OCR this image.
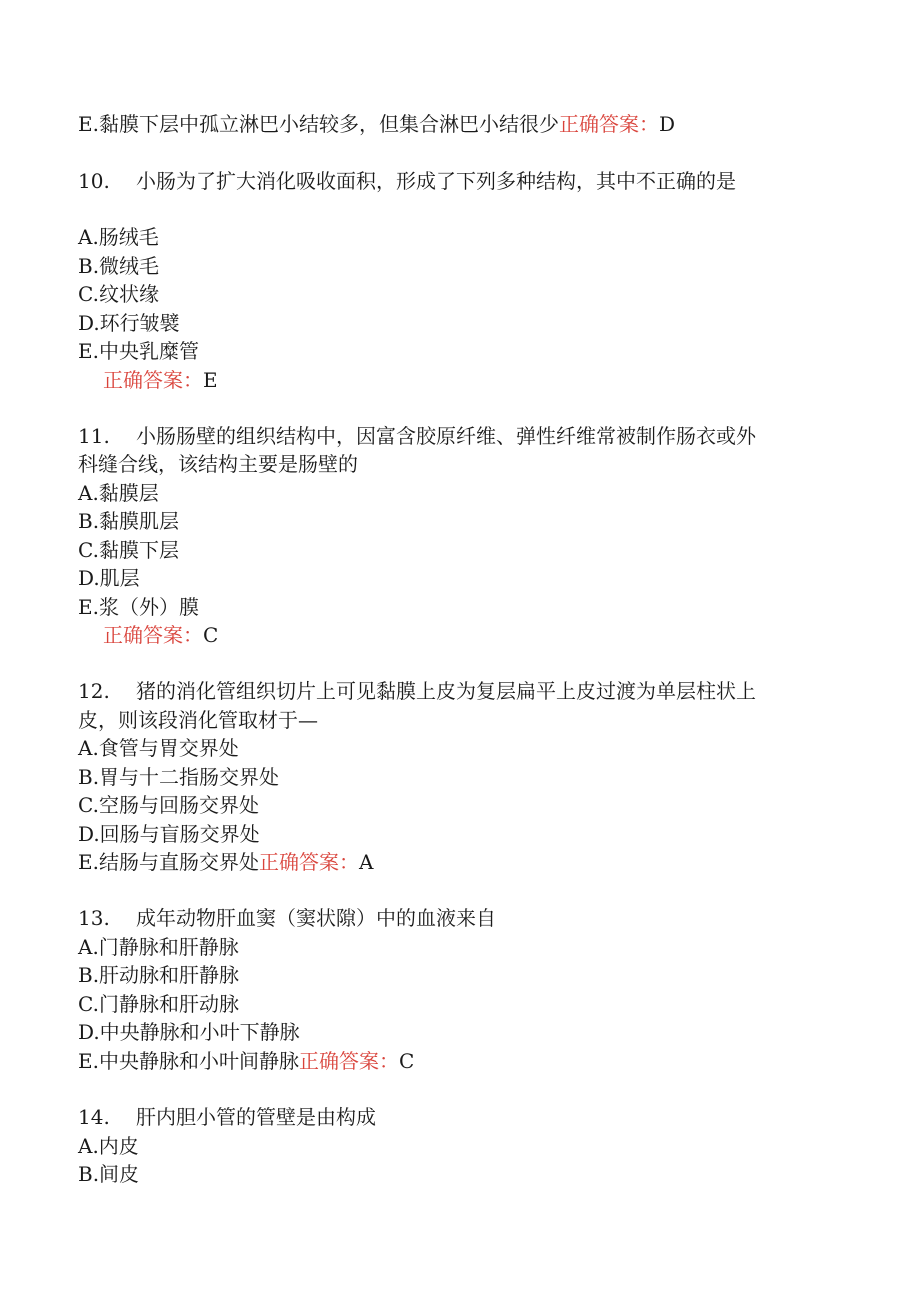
E.黏膜下层中孤立淋巴小结较多，但集合淋巴小结很少正确答案：D
10. 小肠为了扩大消化吸收面积，形成了下列多种结构，其中不正确的是
A.肠绒毛
B.微绒毛
C.纹状缘
D.环行皱襞
E.中央乳糜管
正确答案：E
11. 小肠肠壁的组织结构中，因富含胶原纤维、弹性纤维常被制作肠衣或外
科缝合线，该结构主要是肠壁的
A.黏膜层
B.黏膜肌层
C.黏膜下层
D.肌层
E.浆（外）膜
正确答案：C
12. 猪的消化管组织切片上可见黏膜上皮为复层扁平上皮过渡为单层柱状上
皮，则该段消化管取材于—
A.食管与胃交界处
B.胃与十二指肠交界处
C.空肠与回肠交界处
D.回肠与盲肠交界处
E.结肠与直肠交界处正确答案：A
13. 成年动物肝血窦（窦状隙）中的血液来自
A.门静脉和肝静脉
B.肝动脉和肝静脉
C.门静脉和肝动脉
D.中央静脉和小叶下静脉
E.中央静脉和小叶间静脉正确答案：C
14. 肝内胆小管的管壁是由构成
A.内皮
B.间皮
